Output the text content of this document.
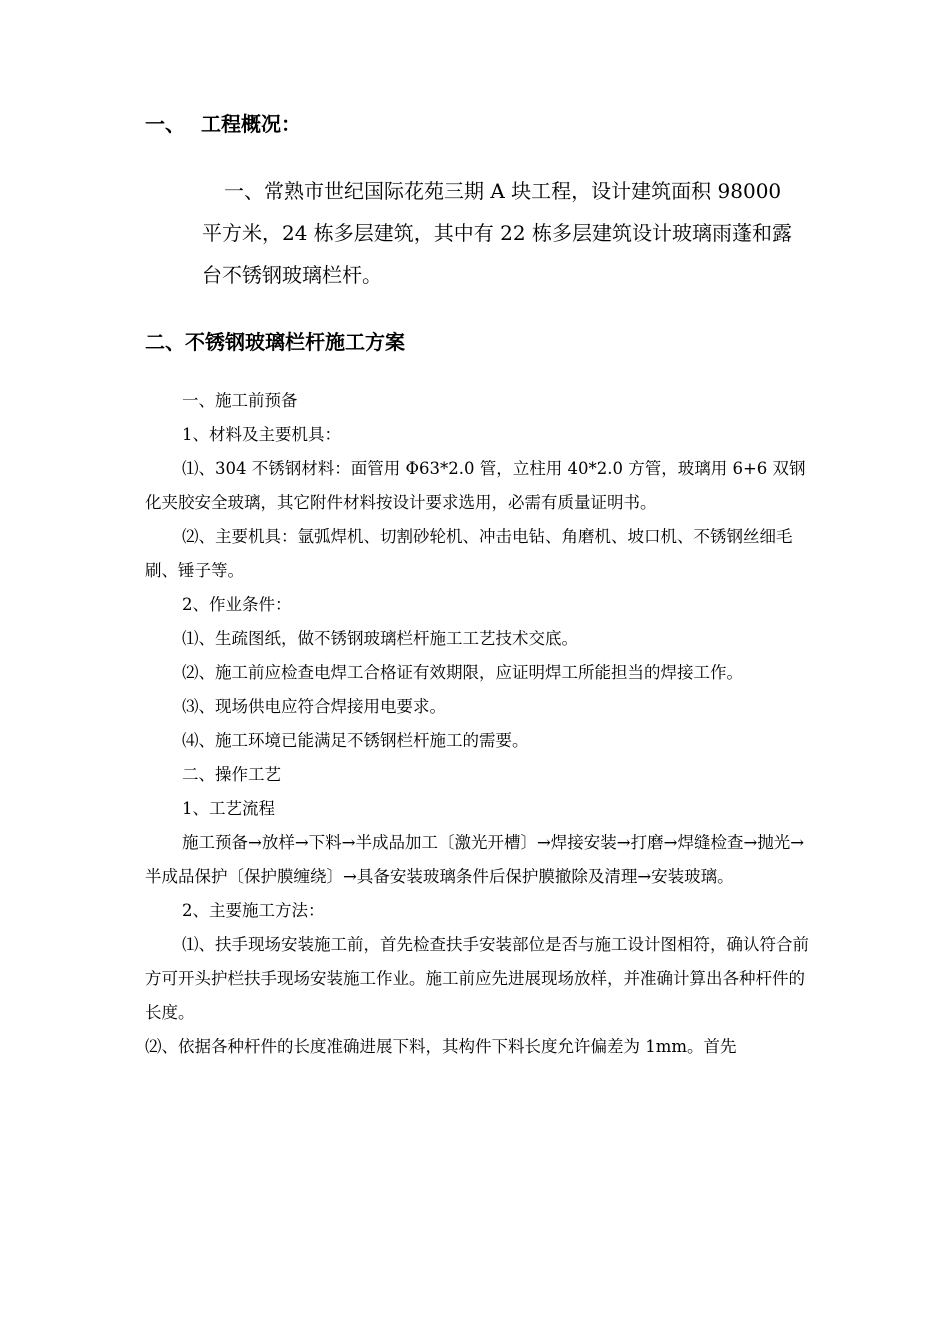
一、 工程概况：

一、常熟市世纪国际花苑三期 A 块工程，设计建筑面积 98000 平方米，24 栋多层建筑，其中有 22 栋多层建筑设计玻璃雨蓬和露台不锈钢玻璃栏杆。

二、不锈钢玻璃栏杆施工方案

一、施工前预备

1、材料及主要机具：

⑴、304 不锈钢材料：面管用 Φ63*2.0 管，立柱用 40*2.0 方管，玻璃用 6+6 双钢化夹胶安全玻璃，其它附件材料按设计要求选用，必需有质量证明书。

⑵、主要机具：氩弧焊机、切割砂轮机、冲击电钻、角磨机、坡口机、不锈钢丝细毛刷、锤子等。

2、作业条件：

⑴、生疏图纸，做不锈钢玻璃栏杆施工工艺技术交底。

⑵、施工前应检查电焊工合格证有效期限，应证明焊工所能担当的焊接工作。

⑶、现场供电应符合焊接用电要求。

⑷、施工环境已能满足不锈钢栏杆施工的需要。

二、操作工艺

1、工艺流程

施工预备→放样→下料→半成品加工〔激光开槽〕→焊接安装→打磨→焊缝检查→抛光→半成品保护〔保护膜缠绕〕→具备安装玻璃条件后保护膜撤除及清理→安装玻璃。

2、主要施工方法：

⑴、扶手现场安装施工前，首先检查扶手安装部位是否与施工设计图相符，确认符合前方可开头护栏扶手现场安装施工作业。施工前应先进展现场放样，并准确计算出各种杆件的长度。

⑵、依据各种杆件的长度准确进展下料，其构件下料长度允许偏差为 1mm。首先
